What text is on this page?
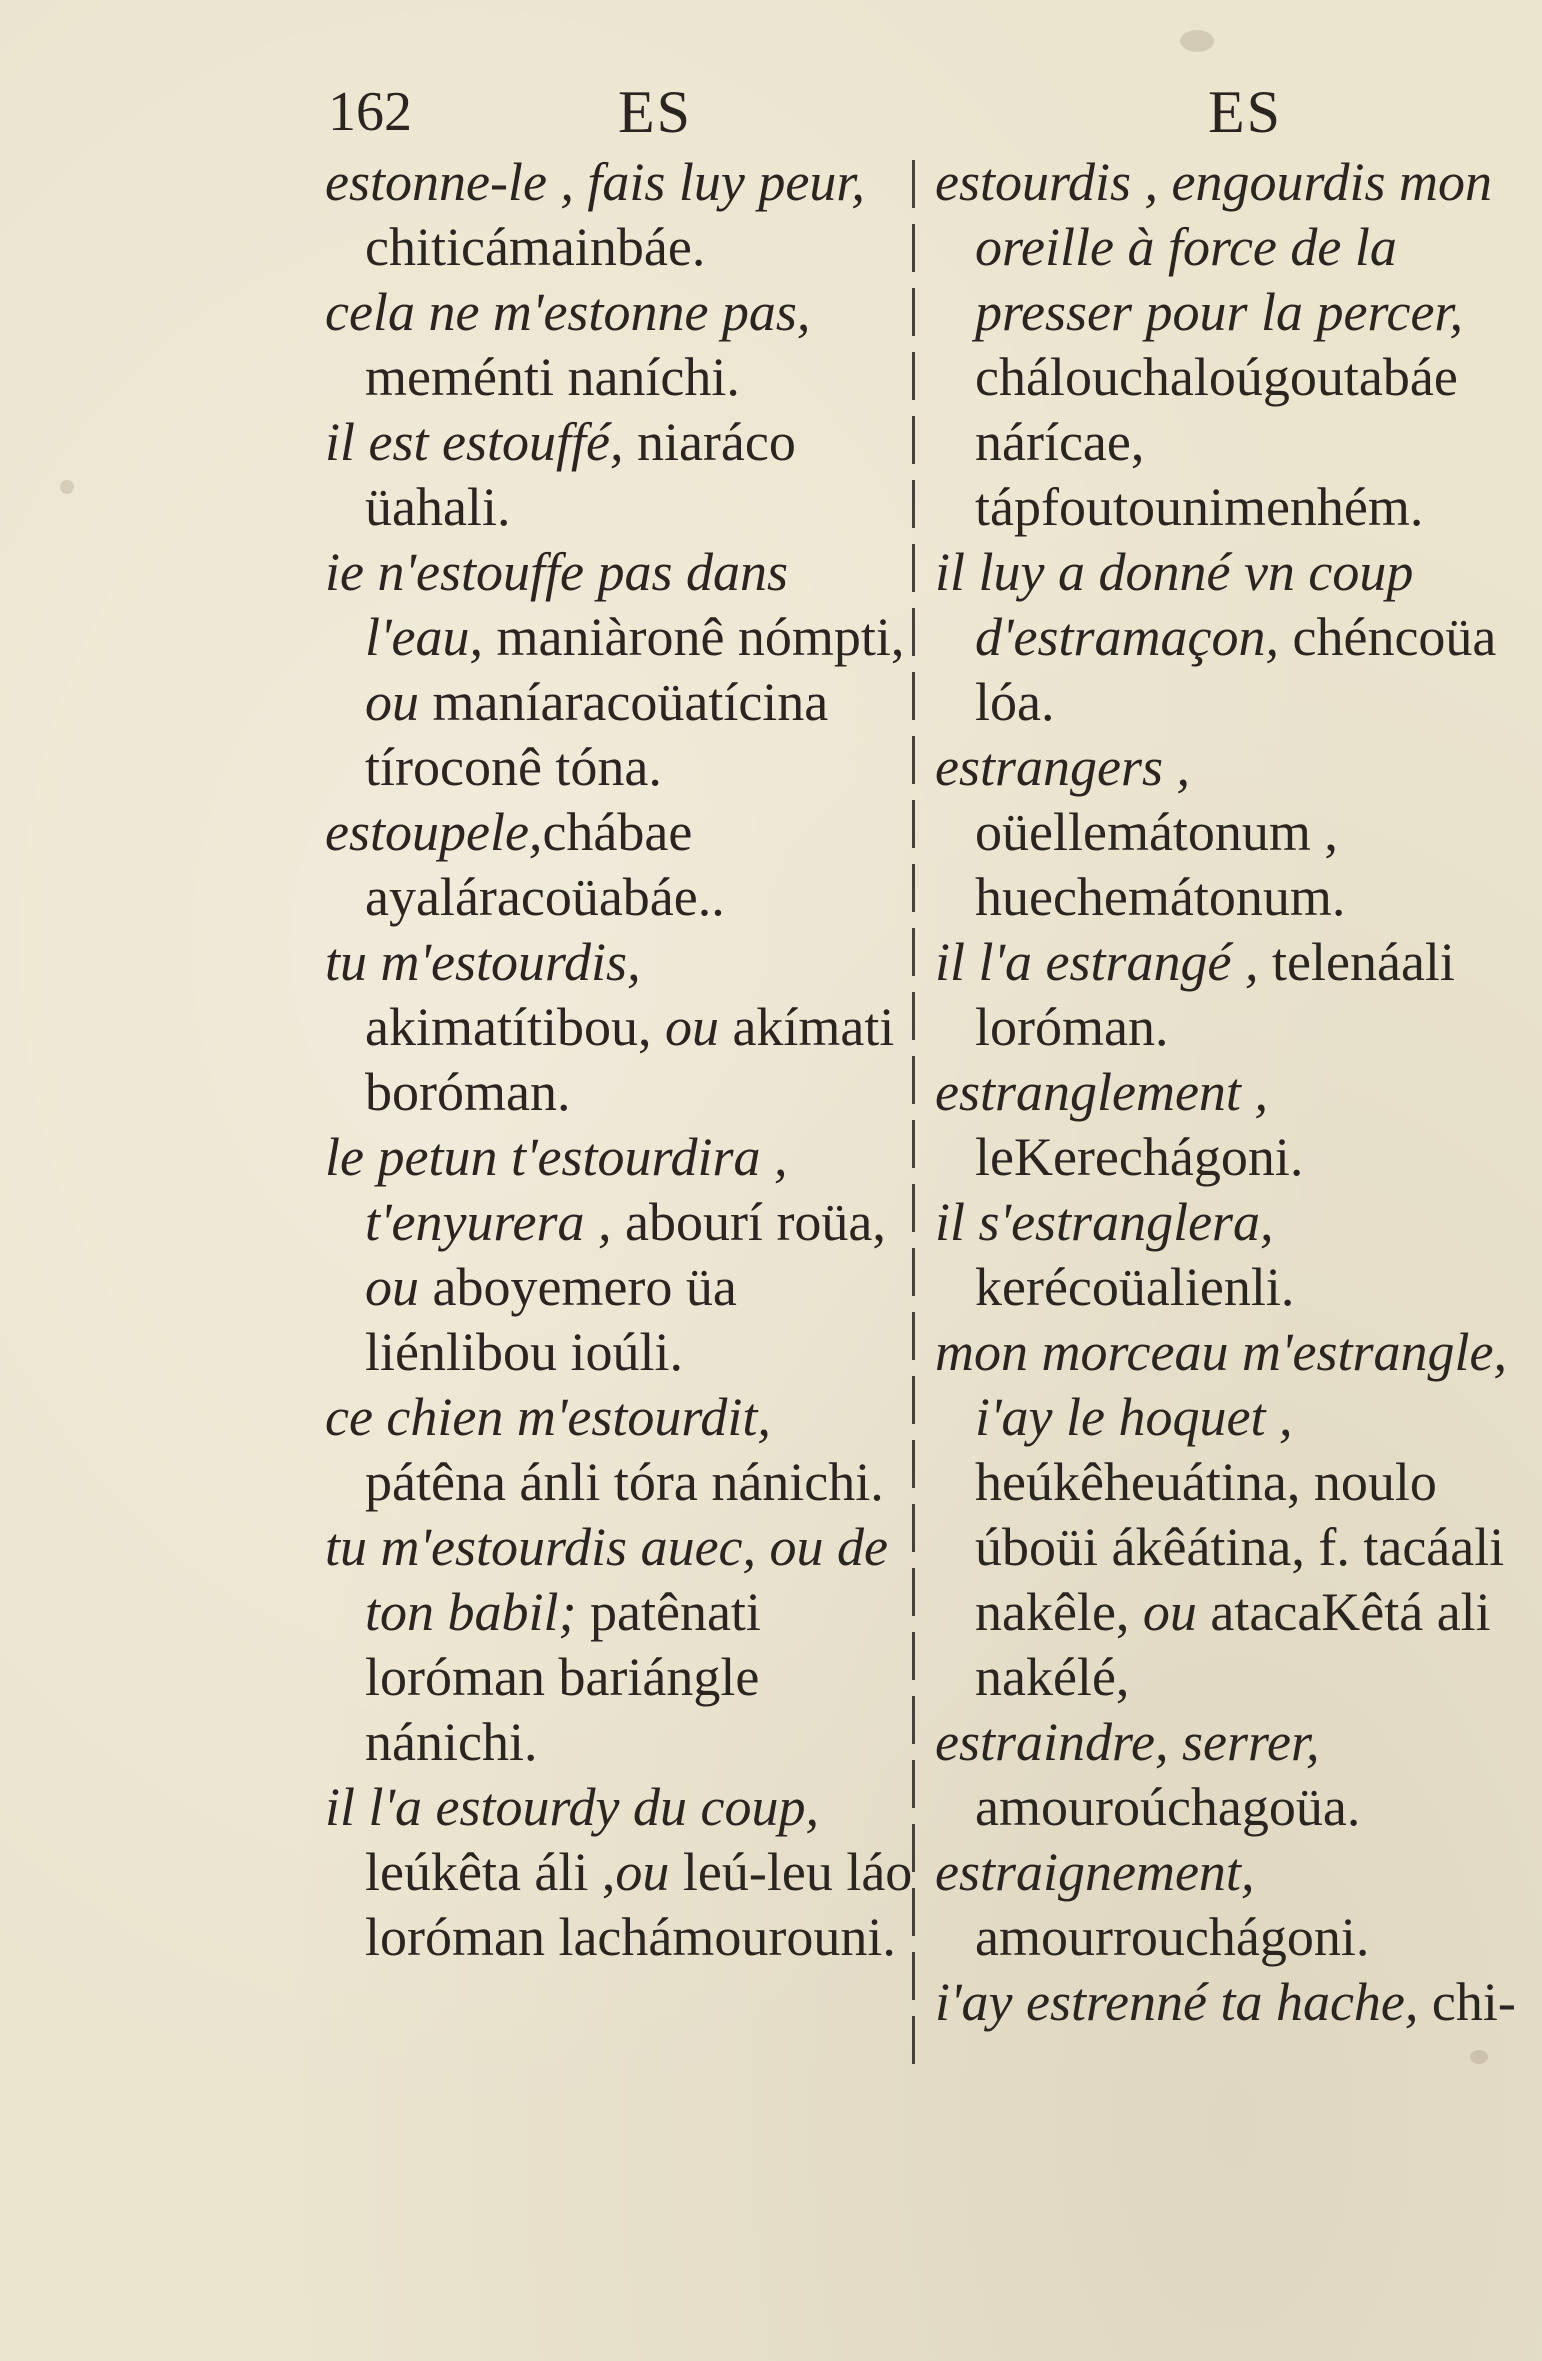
162	ES	ES

estonne-le , fais luy peur, chiticámainbáe.

cela ne m'estonne pas, meménti naníchi.

il est estouffé, niaráco üahali.

ie n'estouffe pas dans l'eau, maniàronê nómpti, ou maníaracoüatícina tíroconê tóna.

estoupele,chábae ayaláracoüabáe..

tu m'estourdis, akimatítibou, ou akímati boróman.

le petun t'estourdira , t'enyurera , abourí roüa, ou aboyemero üa liénlibou ioúli.

ce chien m'estourdit, pátêna ánli tóra nánichi.

tu m'estourdis auec, ou de ton babil; patênati loróman bariángle nánichi.

il l'a estourdy du coup, leúkêta áli ,ou leú-leu láo loróman lachámourouni.

estourdis , engourdis mon oreille à force de la presser pour la percer, chálouchaloúgoutabáe nárícae, tápfoutounimenhém.

il luy a donné vn coup d'estramaçon, chéncoüa lóa.

estrangers , oüellemátonum , huechemátonum.

il l'a estrangé , telenáali loróman.

estranglement , leKerechágoni.

il s'estranglera, kerécoüalienli.

mon morceau m'estrangle, i'ay le hoquet , heúkêheuátina, noulo úboüi ákêátina, f. tacáali nakêle, ou atacaKêtá ali nakélé,

estraindre, serrer, amouroúchagoüa.

estraignement, amourrouchágoni.

i'ay estrenné ta hache, chi-
